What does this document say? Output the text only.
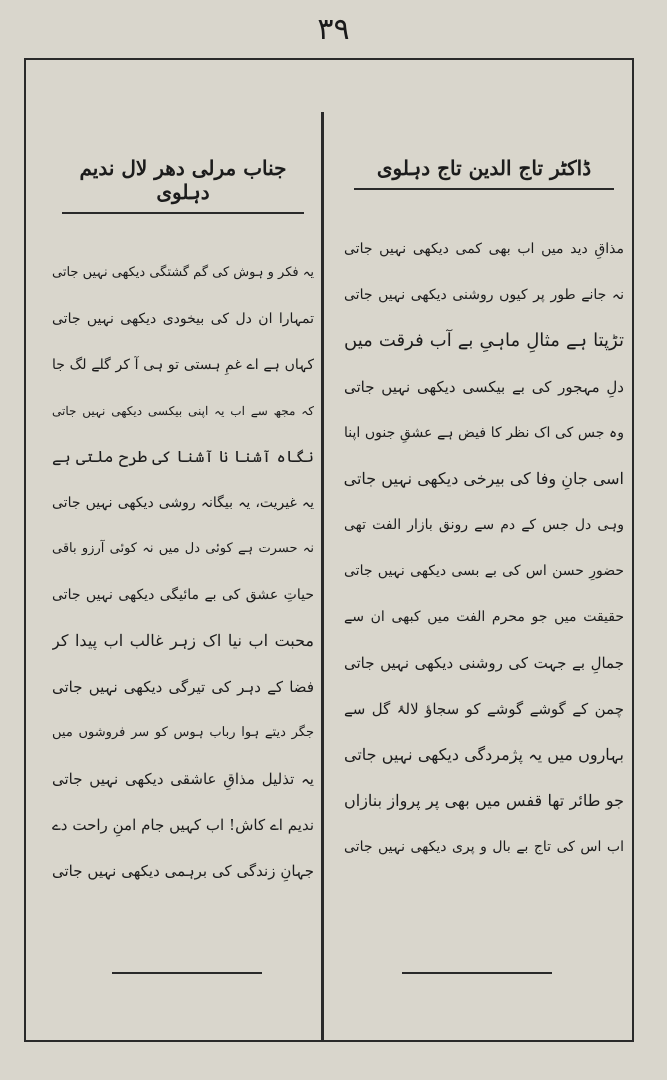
۳۹
ڈاکٹر تاج الدین تاج دہلوی
مذاقِ دید میں اب بھی کمی دیکھی نہیں جاتی
نہ جانے طور پر کیوں روشنی دیکھی نہیں جاتی
تڑپتا ہے مثالِ ماہیِ بے آب فرقت میں
دلِ مہجور کی بے بیکسی دیکھی نہیں جاتی
وہ جس کی اک نظر کا فیض ہے عشقِ جنوں اپنا
اسی جانِ وفا کی بیرخی دیکھی نہیں جاتی
وہی دل جس کے دم سے رونق بازار الفت تھی
حضورِ حسن اس کی بے بسی دیکھی نہیں جاتی
حقیقت میں جو محرم الفت میں کبھی ان سے
جمالِ بے جہت کی روشنی دیکھی نہیں جاتی
چمن کے گوشے گوشے کو سجاؤ لالۂ گل سے
بہاروں میں یہ پژمردگی دیکھی نہیں جاتی
جو طائر تھا قفس میں بھی پر پرواز بنازاں
اب اس کی تاج بے بال و پری دیکھی نہیں جاتی
جناب مرلی دھر لال ندیم دہلوی
یہ فکر و ہوش کی گم گشتگی دیکھی نہیں جاتی
تمہارا ان دل کی بیخودی دیکھی نہیں جاتی
کہاں ہے اے غمِ ہستی تو ہی آ کر گلے لگ جا
کہ مجھ سے اب یہ اپنی بیکسی دیکھی نہیں جاتی
نگاہ آشنا نا آشنا کی طرح ملتی ہے
یہ غیریت، یہ بیگانہ روشی دیکھی نہیں جاتی
نہ حسرت ہے کوئی دل میں نہ کوئی آرزو باقی
حیاتِ عشق کی بے مائیگی دیکھی نہیں جاتی
محبت اب نیا اک زہر غالب اب پیدا کر
فضا کے دہر کی تیرگی دیکھی نہیں جاتی
جگر دیتے ہوا رباب ہوس کو سر فروشوں میں
یہ تذلیل مذاقِ عاشقی دیکھی نہیں جاتی
ندیم اے کاش! اب کہیں جام امنِ راحت دے
جہانِ زندگی کی برہمی دیکھی نہیں جاتی
